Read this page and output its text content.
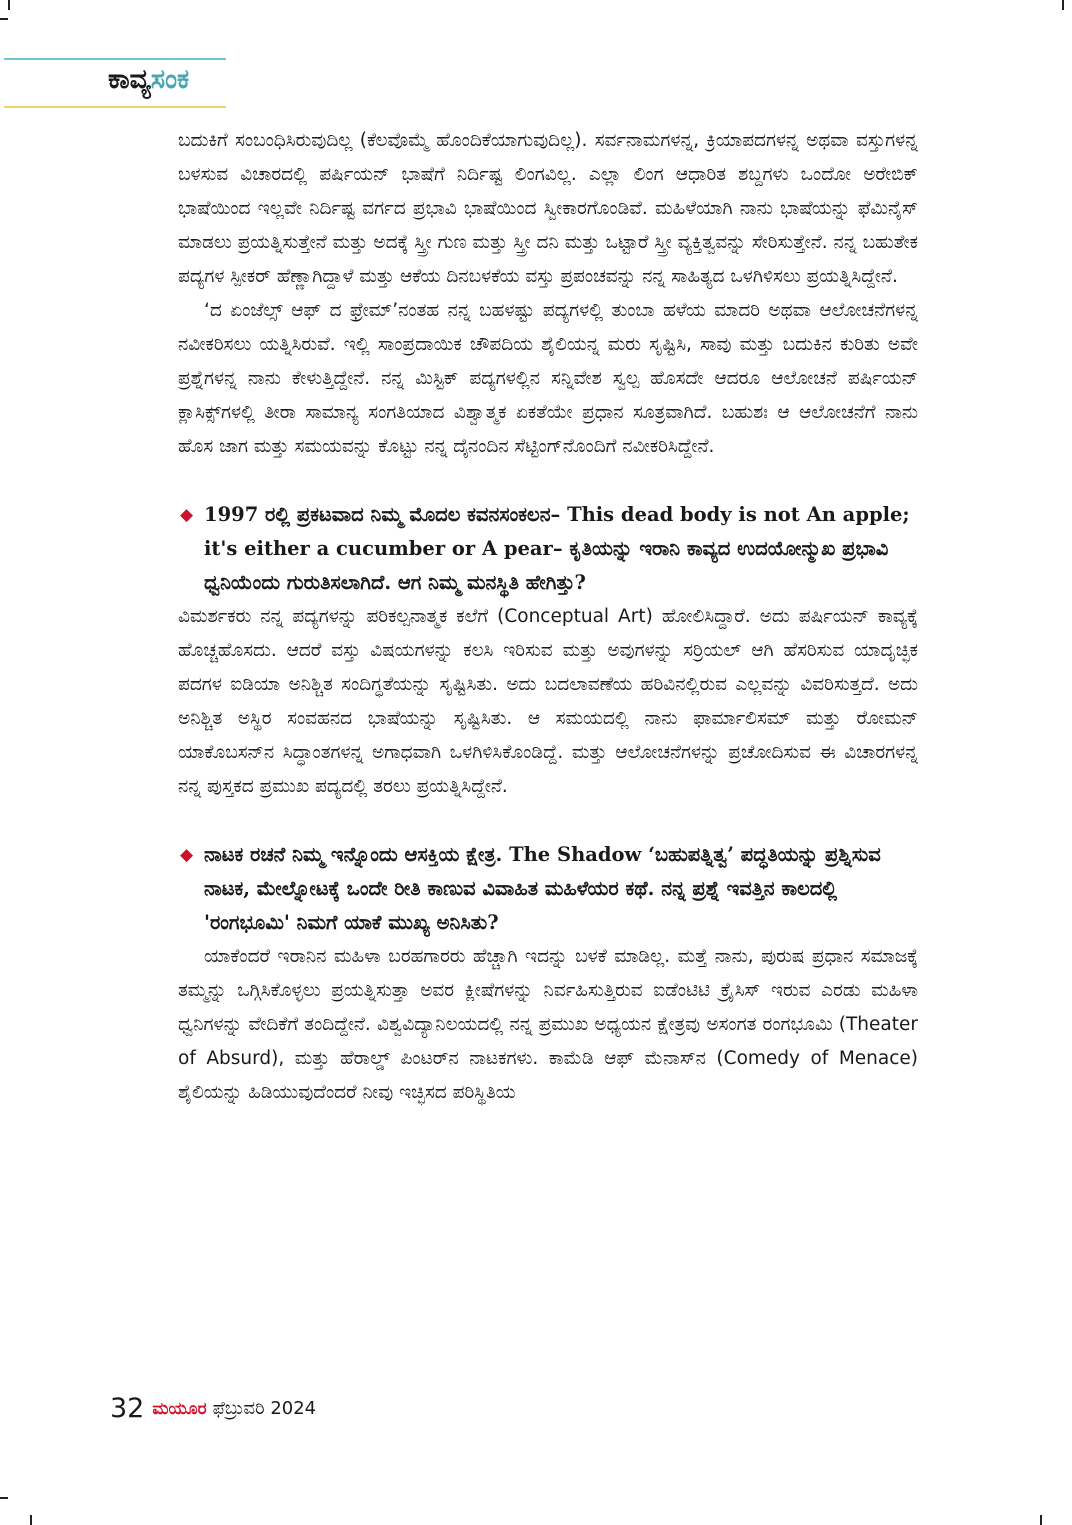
ಕಾವ್ಯಸಂಕ

ಬದುಕಿಗೆ ಸಂಬಂಧಿಸಿರುವುದಿಲ್ಲ (ಕೆಲವೊಮ್ಮೆ ಹೊಂದಿಕೆಯಾಗುವುದಿಲ್ಲ). ಸರ್ವನಾಮಗಳನ್ನ, ಕ್ರಿಯಾಪದಗಳನ್ನ ಅಥವಾ ವಸ್ತುಗಳನ್ನ ಬಳಸುವ ವಿಚಾರದಲ್ಲಿ ಪರ್ಷಿಯನ್ ಭಾಷೆಗೆ ನಿರ್ದಿಷ್ಟ ಲಿಂಗವಿಲ್ಲ. ಎಲ್ಲಾ ಲಿಂಗ ಆಧಾರಿತ ಶಬ್ದಗಳು ಒಂದೋ ಅರೇಬಿಕ್ ಭಾಷೆಯಿಂದ ಇಲ್ಲವೇ ನಿರ್ದಿಷ್ಟ ವರ್ಗದ ಪ್ರಭಾವಿ ಭಾಷೆಯಿಂದ ಸ್ವೀಕಾರಗೊಂಡಿವೆ. ಮಹಿಳೆಯಾಗಿ ನಾನು ಭಾಷೆಯನ್ನು ಫೆಮಿನೈಸ್ ಮಾಡಲು ಪ್ರಯತ್ನಿಸುತ್ತೇನೆ ಮತ್ತು ಅದಕ್ಕೆ ಸ್ತ್ರೀ ಗುಣ ಮತ್ತು ಸ್ತ್ರೀ ದನಿ ಮತ್ತು ಒಟ್ಟಾರೆ ಸ್ತ್ರೀ ವ್ಯಕ್ತಿತ್ವವನ್ನು ಸೇರಿಸುತ್ತೇನೆ. ನನ್ನ ಬಹುತೇಕ ಪದ್ಯಗಳ ಸ್ಪೀಕರ್ ಹೆಣ್ಣಾಗಿದ್ದಾಳೆ ಮತ್ತು ಆಕೆಯ ದಿನಬಳಕೆಯ ವಸ್ತು ಪ್ರಪಂಚವನ್ನು ನನ್ನ ಸಾಹಿತ್ಯದ ಒಳಗಿಳಿಸಲು ಪ್ರಯತ್ನಿಸಿದ್ದೇನೆ.

‘ದ ಏಂಜೆಲ್ಸ್ ಆಫ್ ದ ಫ್ರೇಮ್’ನಂತಹ ನನ್ನ ಬಹಳಷ್ಟು ಪದ್ಯಗಳಲ್ಲಿ ತುಂಬಾ ಹಳೆಯ ಮಾದರಿ ಅಥವಾ ಆಲೋಚನೆಗಳನ್ನ ನವೀಕರಿಸಲು ಯತ್ನಿಸಿರುವೆ. ಇಲ್ಲಿ ಸಾಂಪ್ರದಾಯಿಕ ಚೌಪದಿಯ ಶೈಲಿಯನ್ನ ಮರು ಸೃಷ್ಟಿಸಿ, ಸಾವು ಮತ್ತು ಬದುಕಿನ ಕುರಿತು ಅವೇ ಪ್ರಶ್ನೆಗಳನ್ನ ನಾನು ಕೇಳುತ್ತಿದ್ದೇನೆ. ನನ್ನ ಮಿಸ್ಟಿಕ್ ಪದ್ಯಗಳಲ್ಲಿನ ಸನ್ನಿವೇಶ ಸ್ವಲ್ಪ ಹೊಸದೇ ಆದರೂ ಆಲೋಚನೆ ಪರ್ಷಿಯನ್ ಕ್ಲಾಸಿಕ್ಸ್‌ಗಳಲ್ಲಿ ತೀರಾ ಸಾಮಾನ್ಯ ಸಂಗತಿಯಾದ ವಿಶ್ವಾತ್ಮಕ ಏಕತೆಯೇ ಪ್ರಧಾನ ಸೂತ್ರವಾಗಿದೆ. ಬಹುಶಃ ಆ ಆಲೋಚನೆಗೆ ನಾನು ಹೊಸ ಜಾಗ ಮತ್ತು ಸಮಯವನ್ನು ಕೊಟ್ಟು ನನ್ನ ದೈನಂದಿನ ಸೆಟ್ಟಿಂಗ್‌ನೊಂದಿಗೆ ನವೀಕರಿಸಿದ್ದೇನೆ.

◆ 1997 ರಲ್ಲಿ ಪ್ರಕಟವಾದ ನಿಮ್ಮ ಮೊದಲ ಕವನಸಂಕಲನ– This dead body is not An apple; it's either a cucumber or A pear– ಕೃತಿಯನ್ನು ಇರಾನಿ ಕಾವ್ಯದ ಉದಯೋನ್ಮುಖ ಪ್ರಭಾವಿ ಧ್ವನಿಯೆಂದು ಗುರುತಿಸಲಾಗಿದೆ. ಆಗ ನಿಮ್ಮ ಮನಸ್ಥಿತಿ ಹೇಗಿತ್ತು?

ವಿಮರ್ಶಕರು ನನ್ನ ಪದ್ಯಗಳನ್ನು ಪರಿಕಲ್ಪನಾತ್ಮಕ ಕಲೆಗೆ (Conceptual Art) ಹೋಲಿಸಿದ್ದಾರೆ. ಅದು ಪರ್ಷಿಯನ್ ಕಾವ್ಯಕ್ಕೆ ಹೊಚ್ಚಹೊಸದು. ಆದರೆ ವಸ್ತು ವಿಷಯಗಳನ್ನು ಕಲಸಿ ಇರಿಸುವ ಮತ್ತು ಅವುಗಳನ್ನು ಸರ್ರಿಯಲ್ ಆಗಿ ಹೆಸರಿಸುವ ಯಾದೃಚ್ಛಿಕ ಪದಗಳ ಐಡಿಯಾ ಅನಿಶ್ಚಿತ ಸಂದಿಗ್ಧತೆಯನ್ನು ಸೃಷ್ಟಿಸಿತು. ಅದು ಬದಲಾವಣೆಯ ಹರಿವಿನಲ್ಲಿರುವ ಎಲ್ಲವನ್ನು ವಿವರಿಸುತ್ತದೆ. ಅದು ಅನಿಶ್ಚಿತ ಅಸ್ಥಿರ ಸಂವಹನದ ಭಾಷೆಯನ್ನು ಸೃಷ್ಟಿಸಿತು. ಆ ಸಮಯದಲ್ಲಿ ನಾನು ಫಾರ್ಮಾಲಿಸಮ್ ಮತ್ತು ರೋಮನ್ ಯಾಕೊಬಸನ್‌ನ ಸಿದ್ಧಾಂತಗಳನ್ನ ಅಗಾಧವಾಗಿ ಒಳಗಿಳಿಸಿಕೊಂಡಿದ್ದೆ. ಮತ್ತು ಆಲೋಚನೆಗಳನ್ನು ಪ್ರಚೋದಿಸುವ ಈ ವಿಚಾರಗಳನ್ನ ನನ್ನ ಪುಸ್ತಕದ ಪ್ರಮುಖ ಪದ್ಯದಲ್ಲಿ ತರಲು ಪ್ರಯತ್ನಿಸಿದ್ದೇನೆ.

◆ ನಾಟಕ ರಚನೆ ನಿಮ್ಮ ಇನ್ನೊಂದು ಆಸಕ್ತಿಯ ಕ್ಷೇತ್ರ. The Shadow ‘ಬಹುಪತ್ನಿತ್ವ’ ಪದ್ಧತಿಯನ್ನು ಪ್ರಶ್ನಿಸುವ ನಾಟಕ, ಮೇಲ್ನೋಟಕ್ಕೆ ಒಂದೇ ರೀತಿ ಕಾಣುವ ವಿವಾಹಿತ ಮಹಿಳೆಯರ ಕಥೆ. ನನ್ನ ಪ್ರಶ್ನೆ ಇವತ್ತಿನ ಕಾಲದಲ್ಲಿ 'ರಂಗಭೂಮಿ' ನಿಮಗೆ ಯಾಕೆ ಮುಖ್ಯ ಅನಿಸಿತು?

ಯಾಕೆಂದರೆ ಇರಾನಿನ ಮಹಿಳಾ ಬರಹಗಾರರು ಹೆಚ್ಚಾಗಿ ಇದನ್ನು ಬಳಕೆ ಮಾಡಿಲ್ಲ. ಮತ್ತೆ ನಾನು, ಪುರುಷ ಪ್ರಧಾನ ಸಮಾಜಕ್ಕೆ ತಮ್ಮನ್ನು ಒಗ್ಗಿಸಿಕೊಳ್ಳಲು ಪ್ರಯತ್ನಿಸುತ್ತಾ ಅವರ ಕ್ಲೀಷೆಗಳನ್ನು ನಿರ್ವಹಿಸುತ್ತಿರುವ ಐಡೆಂಟಿಟಿ ಕ್ರೈಸಿಸ್ ಇರುವ ಎರಡು ಮಹಿಳಾ ಧ್ವನಿಗಳನ್ನು ವೇದಿಕೆಗೆ ತಂದಿದ್ದೇನೆ. ವಿಶ್ವವಿದ್ಯಾನಿಲಯದಲ್ಲಿ ನನ್ನ ಪ್ರಮುಖ ಅಧ್ಯಯನ ಕ್ಷೇತ್ರವು ಅಸಂಗತ ರಂಗಭೂಮಿ (Theater of Absurd), ಮತ್ತು ಹೆರಾಲ್ಡ್ ಪಿಂಟರ್‌ನ ನಾಟಕಗಳು. ಕಾಮೆಡಿ ಆಫ್ ಮೆನಾಸ್‌ನ (Comedy of Menace) ಶೈಲಿಯನ್ನು ಹಿಡಿಯುವುದೆಂದರೆ ನೀವು ಇಚ್ಛಿಸದ ಪರಿಸ್ಥಿತಿಯ

32 ಮಯೂರ ಫೆಬ್ರುವರಿ 2024
